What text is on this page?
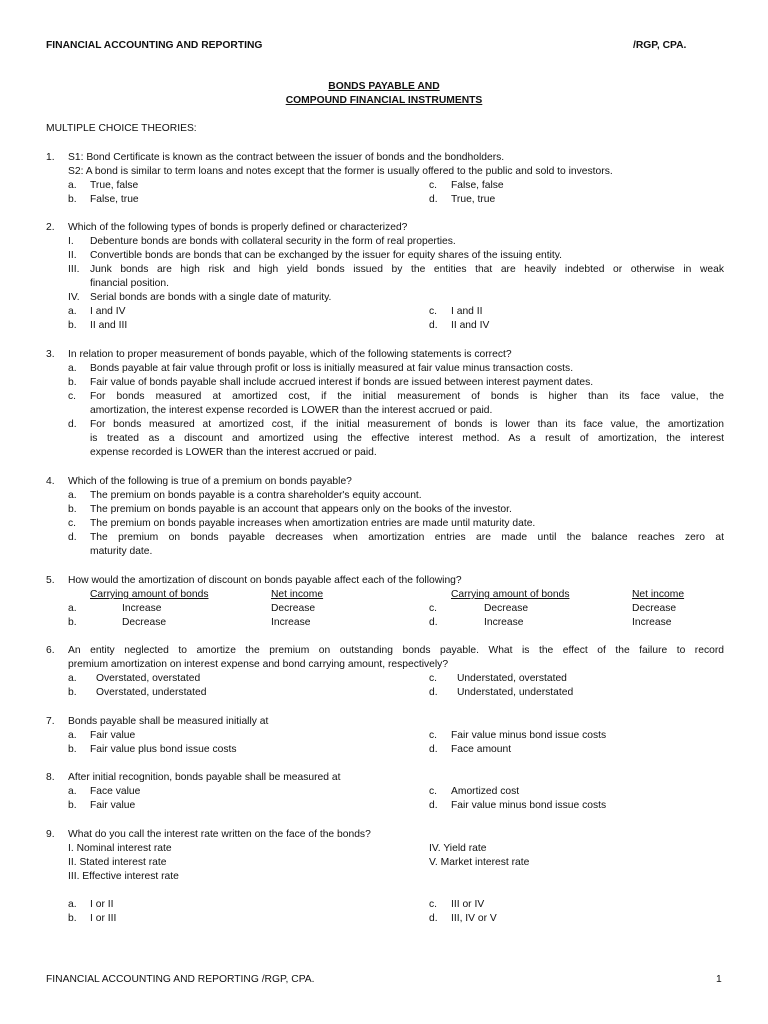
FINANCIAL ACCOUNTING AND REPORTING	/RGP, CPA.
BONDS PAYABLE AND
COMPOUND FINANCIAL INSTRUMENTS
MULTIPLE CHOICE THEORIES:
1. S1: Bond Certificate is known as the contract between the issuer of bonds and the bondholders.
S2: A bond is similar to term loans and notes except that the former is usually offered to the public and sold to investors.
a. True, false	c. False, false
b. False, true	d. True, true
2. Which of the following types of bonds is properly defined or characterized?
I. Debenture bonds are bonds with collateral security in the form of real properties.
II. Convertible bonds are bonds that can be exchanged by the issuer for equity shares of the issuing entity.
III. Junk bonds are high risk and high yield bonds issued by the entities that are heavily indebted or otherwise in weak
financial position.
IV. Serial bonds are bonds with a single date of maturity.
a. I and IV	c. I and II
b. II and III	d. II and IV
3. In relation to proper measurement of bonds payable, which of the following statements is correct?
a. Bonds payable at fair value through profit or loss is initially measured at fair value minus transaction costs.
b. Fair value of bonds payable shall include accrued interest if bonds are issued between interest payment dates.
c. For bonds measured at amortized cost, if the initial measurement of bonds is higher than its face value, the
amortization, the interest expense recorded is LOWER than the interest accrued or paid.
d. For bonds measured at amortized cost, if the initial measurement of bonds is lower than its face value, the amortization
is treated as a discount and amortized using the effective interest method. As a result of amortization, the interest
expense recorded is LOWER than the interest accrued or paid.
4. Which of the following is true of a premium on bonds payable?
a. The premium on bonds payable is a contra shareholder's equity account.
b. The premium on bonds payable is an account that appears only on the books of the investor.
c. The premium on bonds payable increases when amortization entries are made until maturity date.
d. The premium on bonds payable decreases when amortization entries are made until the balance reaches zero at
maturity date.
5. How would the amortization of discount on bonds payable affect each of the following?
Carrying amount of bonds	Net income	Carrying amount of bonds	Net income
a.	Increase	Decrease	c.	Decrease	Decrease
b.	Decrease	Increase	d.	Increase	Increase
6. An entity neglected to amortize the premium on outstanding bonds payable. What is the effect of the failure to record
premium amortization on interest expense and bond carrying amount, respectively?
a. Overstated, overstated	c. Understated, overstated
b. Overstated, understated	d. Understated, understated
7. Bonds payable shall be measured initially at
a. Fair value	c. Fair value minus bond issue costs
b. Fair value plus bond issue costs	d. Face amount
8. After initial recognition, bonds payable shall be measured at
a. Face value	c. Amortized cost
b. Fair value	d. Fair value minus bond issue costs
9. What do you call the interest rate written on the face of the bonds?
I. Nominal interest rate	IV. Yield rate
II. Stated interest rate	V. Market interest rate
III. Effective interest rate
a. I or II	c. III or IV
b. I or III	d. III, IV or V
FINANCIAL ACCOUNTING AND REPORTING /RGP, CPA.	1
